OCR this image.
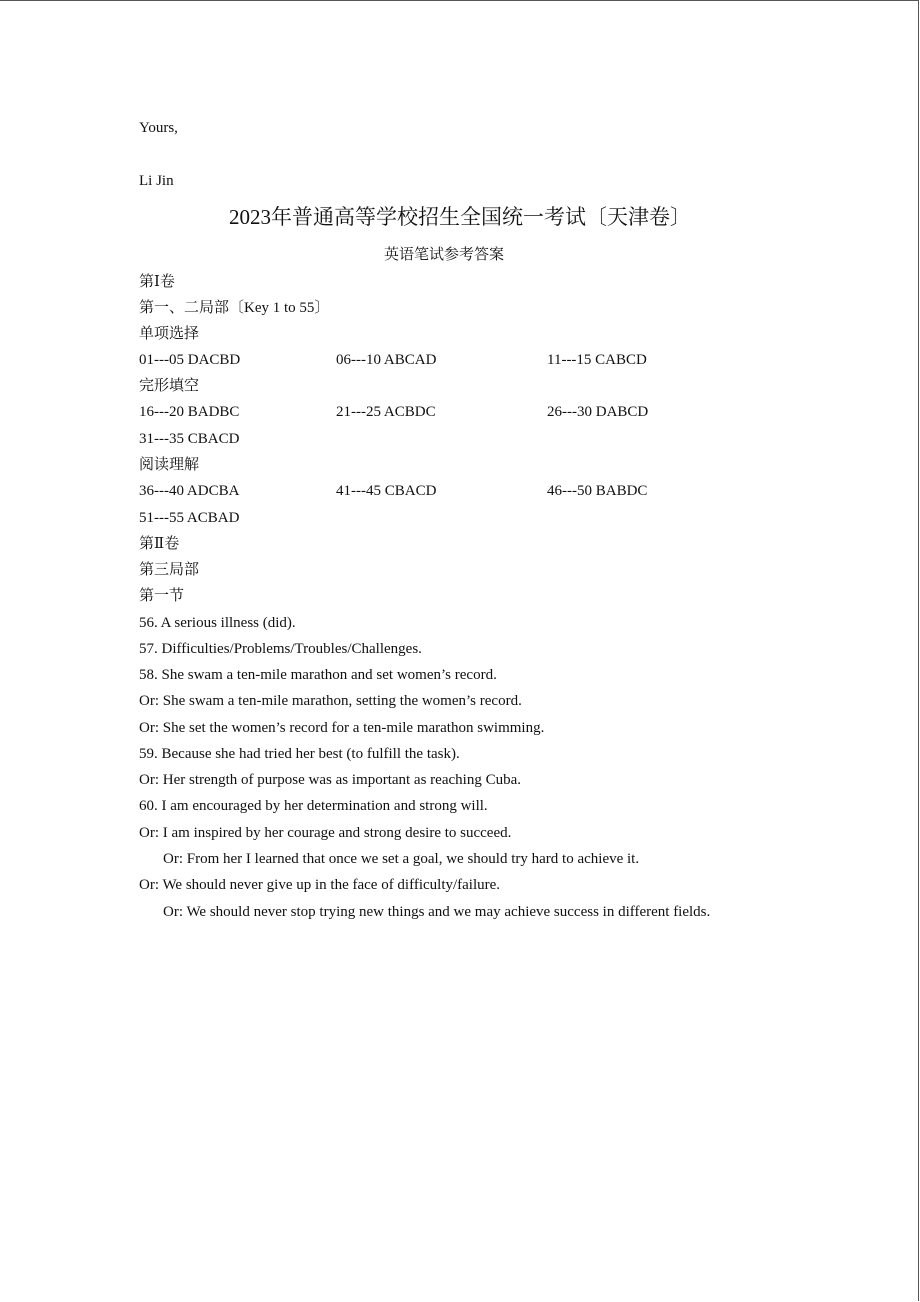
Yours,
Li Jin
2023年普通高等学校招生全国统一考试〔天津卷〕
英语笔试参考答案
第Ⅰ卷
第一、二局部〔Key 1 to 55〕
单项选择
01---05 DACBD	06---10 ABCAD	11---15 CABCD
完形填空
16---20 BADBC	21---25 ACBDC	26---30 DABCD
31---35 CBACD
阅读理解
36---40 ADCBA	41---45 CBACD	46---50 BABDC
51---55 ACBAD
第Ⅱ卷
第三局部
第一节
56. A serious illness (did).
57. Difficulties/Problems/Troubles/Challenges.
58. She swam a ten-mile marathon and set women’s record.
Or: She swam a ten-mile marathon, setting the women’s record.
Or: She set the women’s record for a ten-mile marathon swimming.
59. Because she had tried her best (to fulfill the task).
Or: Her strength of purpose was as important as reaching Cuba.
60. I am encouraged by her determination and strong will.
Or: I am inspired by her courage and strong desire to succeed.
Or: From her I learned that once we set a goal, we should try hard to achieve it.
Or: We should never give up in the face of difficulty/failure.
Or: We should never stop trying new things and we may achieve success in different fields.
